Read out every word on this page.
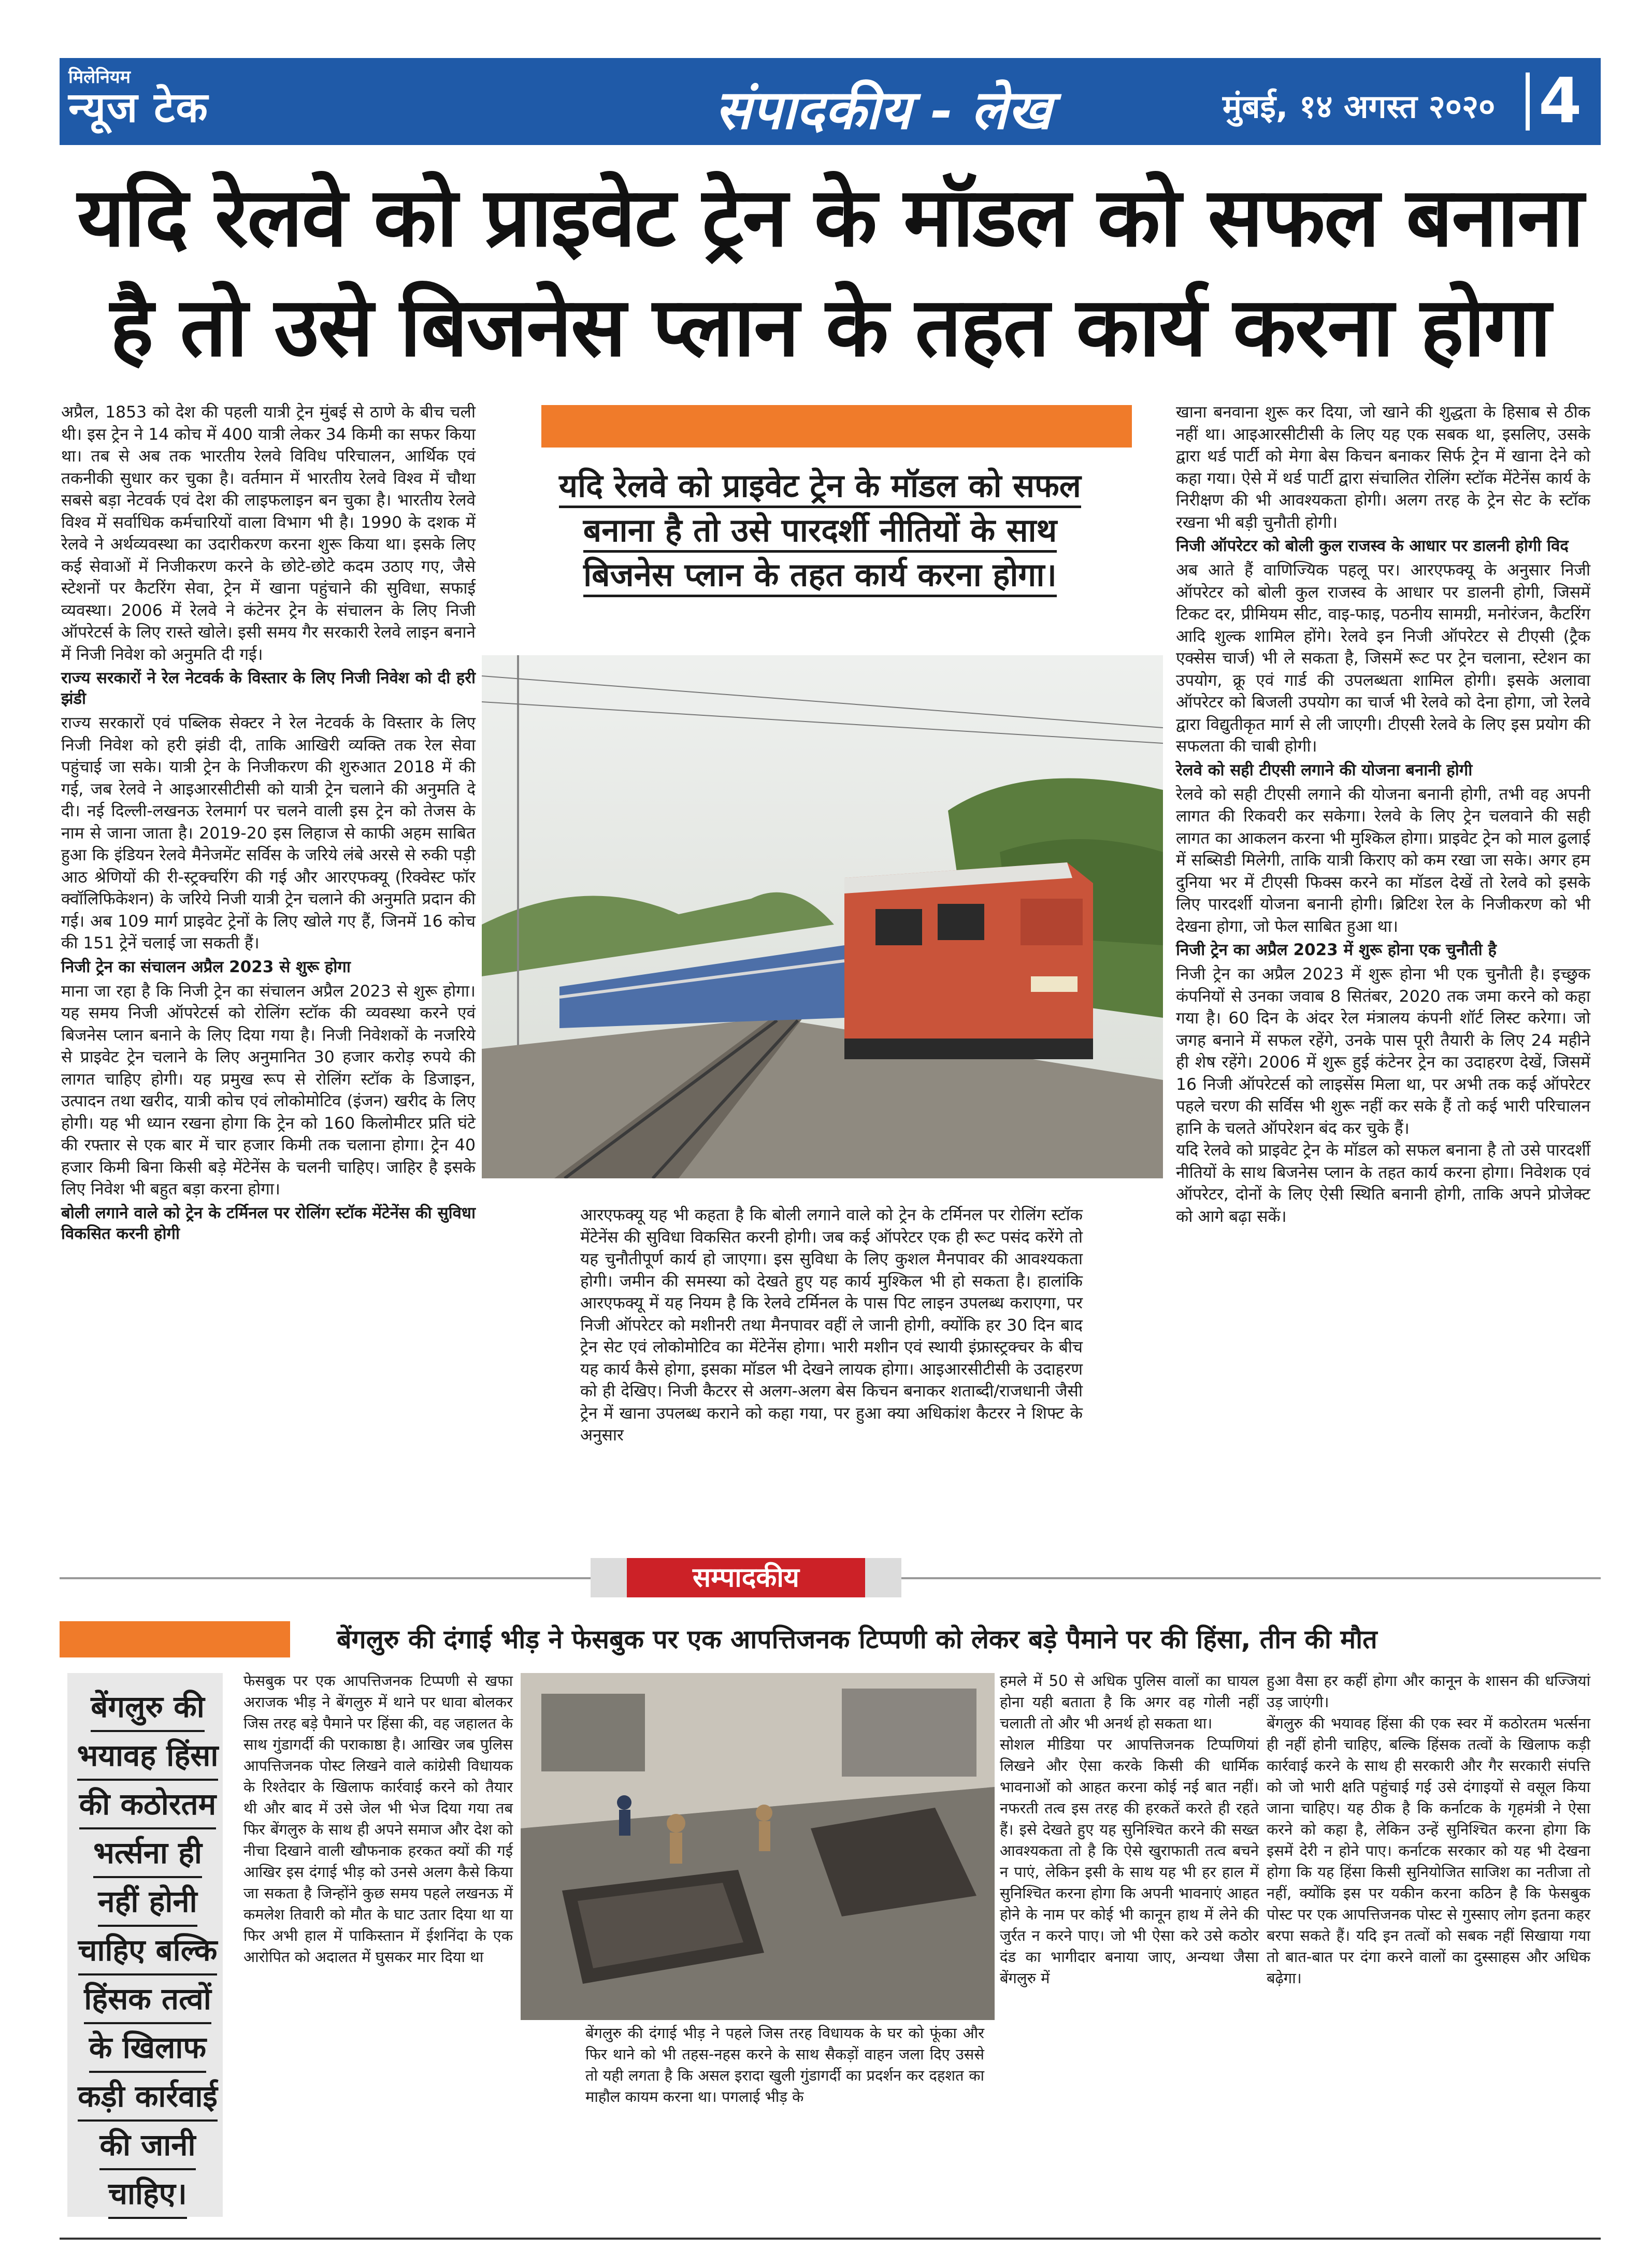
मिलेनियम
न्यूज टेक	संपादकीय - लेख	मुंबई, १४ अगस्त २०२० 4
यदि रेलवे को प्राइवेट ट्रेन के मॉडल को सफल बनाना
है तो उसे बिजनेस प्लान के तहत कार्य करना होगा

अप्रैल, 1853 को देश की पहली यात्री ट्रेन मुंबई से ठाणे के बीच चली थी। इस ट्रेन ने 14 कोच में 400 यात्री लेकर 34 किमी का सफर किया था। तब से अब तक भारतीय रेलवे विविध परिचालन, आर्थिक एवं तकनीकी सुधार कर चुका है। वर्तमान में भारतीय रेलवे विश्व में चौथा सबसे बड़ा नेटवर्क एवं देश की लाइफलाइन बन चुका है। भारतीय रेलवे विश्व में सर्वाधिक कर्मचारियों वाला विभाग भी है। 1990 के दशक में रेलवे ने अर्थव्यवस्था का उदारीकरण करना शुरू किया था। इसके लिए कई सेवाओं में निजीकरण करने के छोटे-छोटे कदम उठाए गए, जैसे स्टेशनों पर कैटरिंग सेवा, ट्रेन में खाना पहुंचाने की सुविधा, सफाई व्यवस्था। 2006 में रेलवे ने कंटेनर ट्रेन के संचालन के लिए निजी ऑपरेटर्स के लिए रास्ते खोले। इसी समय गैर सरकारी रेलवे लाइन बनाने में निजी निवेश को अनुमति दी गई।

राज्य सरकारों ने रेल नेटवर्क के विस्तार के लिए निजी निवेश को दी हरी झंडी

राज्य सरकारों एवं पब्लिक सेक्टर ने रेल नेटवर्क के विस्तार के लिए निजी निवेश को हरी झंडी दी, ताकि आखिरी व्यक्ति तक रेल सेवा पहुंचाई जा सके। यात्री ट्रेन के निजीकरण की शुरुआत 2018 में की गई, जब रेलवे ने आइआरसीटीसी को यात्री ट्रेन चलाने की अनुमति दे दी। नई दिल्ली-लखनऊ रेलमार्ग पर चलने वाली इस ट्रेन को तेजस के नाम से जाना जाता है। 2019-20 इस लिहाज से काफी अहम साबित हुआ कि इंडियन रेलवे मैनेजमेंट सर्विस के जरिये लंबे अरसे से रुकी पड़ी आठ श्रेणियों की री-स्ट्रक्चरिंग की गई और आरएफक्यू (रिक्वेस्ट फॉर क्वॉलिफिकेशन) के जरिये निजी यात्री ट्रेन चलाने की अनुमति प्रदान की गई। अब 109 मार्ग प्राइवेट ट्रेनों के लिए खोले गए हैं, जिनमें 16 कोच की 151 ट्रेनें चलाई जा सकती हैं।

निजी ट्रेन का संचालन अप्रैल 2023 से शुरू होगा

माना जा रहा है कि निजी ट्रेन का संचालन अप्रैल 2023 से शुरू होगा। यह समय निजी ऑपरेटर्स को रोलिंग स्टॉक की व्यवस्था करने एवं बिजनेस प्लान बनाने के लिए दिया गया है। निजी निवेशकों के नजरिये से प्राइवेट ट्रेन चलाने के लिए अनुमानित 30 हजार करोड़ रुपये की लागत चाहिए होगी। यह प्रमुख रूप से रोलिंग स्टॉक के डिजाइन, उत्पादन तथा खरीद, यात्री कोच एवं लोकोमोटिव (इंजन) खरीद के लिए होगी। यह भी ध्यान रखना होगा कि ट्रेन को 160 किलोमीटर प्रति घंटे की रफ्तार से एक बार में चार हजार किमी तक चलाना होगा। ट्रेन 40 हजार किमी बिना किसी बड़े मेंटेनेंस के चलनी चाहिए। जाहिर है इसके लिए निवेश भी बहुत बड़ा करना होगा।

बोली लगाने वाले को ट्रेन के टर्मिनल पर रोलिंग स्टॉक मेंटेनेंस की सुविधा विकसित करनी होगी
यदि रेलवे को प्राइवेट ट्रेन के मॉडल को सफल
बनाना है तो उसे पारदर्शी नीतियों के साथ
बिजनेस प्लान के तहत कार्य करना होगा।

आरएफक्यू यह भी कहता है कि बोली लगाने वाले को ट्रेन के टर्मिनल पर रोलिंग स्टॉक मेंटेनेंस की सुविधा विकसित करनी होगी। जब कई ऑपरेटर एक ही रूट पसंद करेंगे तो यह चुनौतीपूर्ण कार्य हो जाएगा। इस सुविधा के लिए कुशल मैनपावर की आवश्यकता होगी। जमीन की समस्या को देखते हुए यह कार्य मुश्किल भी हो सकता है। हालांकि आरएफक्यू में यह नियम है कि रेलवे टर्मिनल के पास पिट लाइन उपलब्ध कराएगा, पर निजी ऑपरेटर को मशीनरी तथा मैनपावर वहीं ले जानी होगी, क्योंकि हर 30 दिन बाद ट्रेन सेट एवं लोकोमोटिव का मेंटेनेंस होगा। भारी मशीन एवं स्थायी इंफ्रास्ट्रक्चर के बीच यह कार्य कैसे होगा, इसका मॉडल भी देखने लायक होगा। आइआरसीटीसी के उदाहरण को ही देखिए। निजी कैटरर से अलग-अलग बेस किचन बनाकर शताब्दी/राजधानी जैसी ट्रेन में खाना उपलब्ध कराने को कहा गया, पर हुआ क्या अधिकांश कैटरर ने शिफ्ट के अनुसार

खाना बनवाना शुरू कर दिया, जो खाने की शुद्धता के हिसाब से ठीक नहीं था। आइआरसीटीसी के लिए यह एक सबक था, इसलिए, उसके द्वारा थर्ड पार्टी को मेगा बेस किचन बनाकर सिर्फ ट्रेन में खाना देने को कहा गया। ऐसे में थर्ड पार्टी द्वारा संचालित रोलिंग स्टॉक मेंटेनेंस कार्य के निरीक्षण की भी आवश्यकता होगी। अलग तरह के ट्रेन सेट के स्टॉक रखना भी बड़ी चुनौती होगी।

निजी ऑपरेटर को बोली कुल राजस्व के आधार पर डालनी होगी विद

अब आते हैं वाणिज्यिक पहलू पर। आरएफक्यू के अनुसार निजी ऑपरेटर को बोली कुल राजस्व के आधार पर डालनी होगी, जिसमें टिकट दर, प्रीमियम सीट, वाइ-फाइ, पठनीय सामग्री, मनोरंजन, कैटरिंग आदि शुल्क शामिल होंगे। रेलवे इन निजी ऑपरेटर से टीएसी (ट्रैक एक्सेस चार्ज) भी ले सकता है, जिसमें रूट पर ट्रेन चलाना, स्टेशन का उपयोग, क्रू एवं गार्ड की उपलब्धता शामिल होगी। इसके अलावा ऑपरेटर को बिजली उपयोग का चार्ज भी रेलवे को देना होगा, जो रेलवे द्वारा विद्युतीकृत मार्ग से ली जाएगी। टीएसी रेलवे के लिए इस प्रयोग की सफलता की चाबी होगी।

रेलवे को सही टीएसी लगाने की योजना बनानी होगी

रेलवे को सही टीएसी लगाने की योजना बनानी होगी, तभी वह अपनी लागत की रिकवरी कर सकेगा। रेलवे के लिए ट्रेन चलवाने की सही लागत का आकलन करना भी मुश्किल होगा। प्राइवेट ट्रेन को माल ढुलाई में सब्सिडी मिलेगी, ताकि यात्री किराए को कम रखा जा सके। अगर हम दुनिया भर में टीएसी फिक्स करने का मॉडल देखें तो रेलवे को इसके लिए पारदर्शी योजना बनानी होगी। ब्रिटिश रेल के निजीकरण को भी देखना होगा, जो फेल साबित हुआ था।

निजी ट्रेन का अप्रैल 2023 में शुरू होना एक चुनौती है

निजी ट्रेन का अप्रैल 2023 में शुरू होना भी एक चुनौती है। इच्छुक कंपनियों से उनका जवाब 8 सितंबर, 2020 तक जमा करने को कहा गया है। 60 दिन के अंदर रेल मंत्रालय कंपनी शॉर्ट लिस्ट करेगा। जो जगह बनाने में सफल रहेंगे, उनके पास पूरी तैयारी के लिए 24 महीने ही शेष रहेंगे। 2006 में शुरू हुई कंटेनर ट्रेन का उदाहरण देखें, जिसमें 16 निजी ऑपरेटर्स को लाइसेंस मिला था, पर अभी तक कई ऑपरेटर पहले चरण की सर्विस भी शुरू नहीं कर सके हैं तो कई भारी परिचालन हानि के चलते ऑपरेशन बंद कर चुके हैं।

यदि रेलवे को प्राइवेट ट्रेन के मॉडल को सफल बनाना है तो उसे पारदर्शी नीतियों के साथ बिजनेस प्लान के तहत कार्य करना होगा। निवेशक एवं ऑपरेटर, दोनों के लिए ऐसी स्थिति बनानी होगी, ताकि अपने प्रोजेक्ट को आगे बढ़ा सकें।

सम्पादकीय
बेंगलुरु की दंगाई भीड़ ने फेसबुक पर एक आपत्तिजनक टिप्पणी को लेकर बड़े पैमाने पर की हिंसा, तीन की मौत
बेंगलुरु की
भयावह हिंसा
की कठोरतम
भर्त्सना ही
नहीं होनी
चाहिए बल्कि
हिंसक तत्वों
के खिलाफ
कड़ी कार्रवाई
की जानी
चाहिए।

फेसबुक पर एक आपत्तिजनक टिप्पणी से खफा अराजक भीड़ ने बेंगलुरु में थाने पर धावा बोलकर जिस तरह बड़े पैमाने पर हिंसा की, वह जहालत के साथ गुंडागर्दी की पराकाष्ठा है। आखिर जब पुलिस आपत्तिजनक पोस्ट लिखने वाले कांग्रेसी विधायक के रिश्तेदार के खिलाफ कार्रवाई करने को तैयार थी और बाद में उसे जेल भी भेज दिया गया तब फिर बेंगलुरु के साथ ही अपने समाज और देश को नीचा दिखाने वाली खौफनाक हरकत क्यों की गई आखिर इस दंगाई भीड़ को उनसे अलग कैसे किया जा सकता है जिन्होंने कुछ समय पहले लखनऊ में कमलेश तिवारी को मौत के घाट उतार दिया था या फिर अभी हाल में पाकिस्तान में ईशनिंदा के एक आरोपित को अदालत में घुसकर मार दिया था

बेंगलुरु की दंगाई भीड़ ने पहले जिस तरह विधायक के घर को फूंका और फिर थाने को भी तहस-नहस करने के साथ सैकड़ों वाहन जला दिए उससे तो यही लगता है कि असल इरादा खुली गुंडागर्दी का प्रदर्शन कर दहशत का माहौल कायम करना था। पगलाई भीड़ के

हमले में 50 से अधिक पुलिस वालों का घायल होना यही बताता है कि अगर वह गोली नहीं चलाती तो और भी अनर्थ हो सकता था।

सोशल मीडिया पर आपत्तिजनक टिप्पणियां लिखने और ऐसा करके किसी की धार्मिक भावनाओं को आहत करना कोई नई बात नहीं। नफरती तत्व इस तरह की हरकतें करते ही रहते हैं। इसे देखते हुए यह सुनिश्चित करने की सख्त आवश्यकता तो है कि ऐसे खुराफाती तत्व बचने न पाएं, लेकिन इसी के साथ यह भी हर हाल में सुनिश्चित करना होगा कि अपनी भावनाएं आहत होने के नाम पर कोई भी कानून हाथ में लेने की जुर्रत न करने पाए। जो भी ऐसा करे उसे कठोर दंड का भागीदार बनाया जाए, अन्यथा जैसा बेंगलुरु में

हुआ वैसा हर कहीं होगा और कानून के शासन की धज्जियां उड़ जाएंगी।

बेंगलुरु की भयावह हिंसा की एक स्वर में कठोरतम भर्त्सना ही नहीं होनी चाहिए, बल्कि हिंसक तत्वों के खिलाफ कड़ी कार्रवाई करने के साथ ही सरकारी और गैर सरकारी संपत्ति को जो भारी क्षति पहुंचाई गई उसे दंगाइयों से वसूल किया जाना चाहिए। यह ठीक है कि कर्नाटक के गृहमंत्री ने ऐसा करने को कहा है, लेकिन उन्हें सुनिश्चित करना होगा कि इसमें देरी न होने पाए। कर्नाटक सरकार को यह भी देखना होगा कि यह हिंसा किसी सुनियोजित साजिश का नतीजा तो नहीं, क्योंकि इस पर यकीन करना कठिन है कि फेसबुक पोस्ट पर एक आपत्तिजनक पोस्ट से गुस्साए लोग इतना कहर बरपा सकते हैं। यदि इन तत्वों को सबक नहीं सिखाया गया तो बात-बात पर दंगा करने वालों का दुस्साहस और अधिक बढ़ेगा।
